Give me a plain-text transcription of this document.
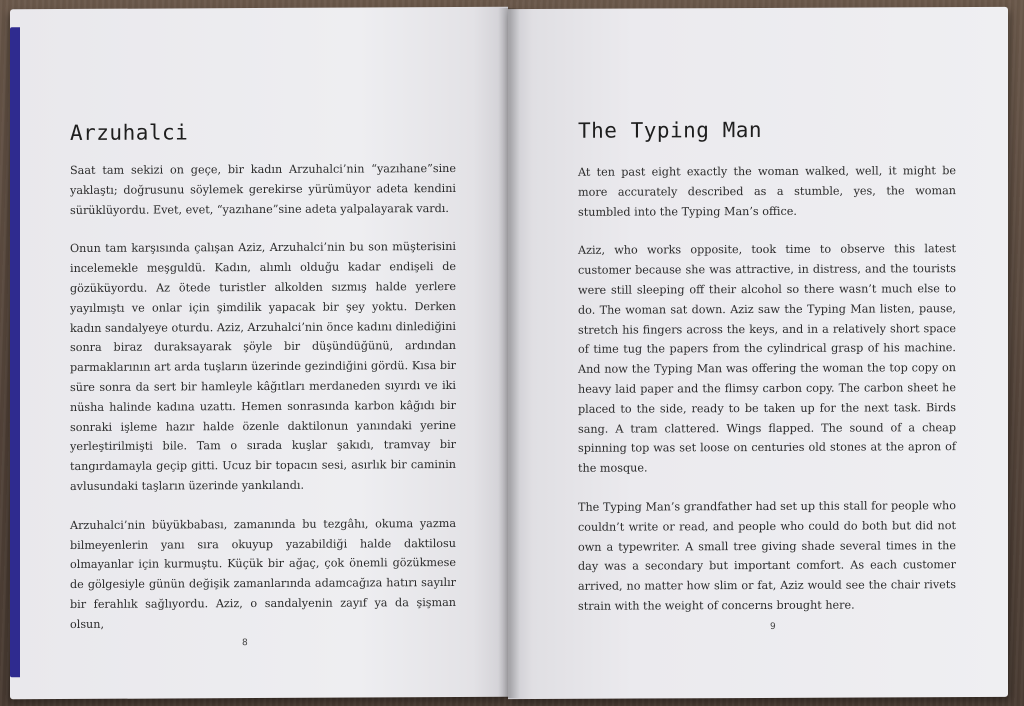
Arzuhalci

Saat tam sekizi on geçe, bir kadın Arzuhalci’nin “yazıhane”sine yaklaştı; doğrusunu söylemek gerekirse yürümüyor adeta kendini sürüklüyordu. Evet, evet, “yazıhane”sine adeta yalpalayarak vardı.

Onun tam karşısında çalışan Aziz, Arzuhalci’nin bu son müşterisini incelemekle meşguldü. Kadın, alımlı olduğu kadar endişeli de gözüküyordu. Az ötede turistler alkolden sızmış halde yerlere yayılmıştı ve onlar için şimdilik yapacak bir şey yoktu. Derken kadın sandalyeye oturdu. Aziz, Arzuhalci’nin önce kadını dinlediğini sonra biraz duraksayarak şöyle bir düşündüğünü, ardından parmaklarının art arda tuşların üzerinde gezindiğini gördü. Kısa bir süre sonra da sert bir hamleyle kâğıtları merdaneden sıyırdı ve iki nüsha halinde kadına uzattı. Hemen sonrasında karbon kâğıdı bir sonraki işleme hazır halde özenle daktilonun yanındaki yerine yerleştirilmişti bile. Tam o sırada kuşlar şakıdı, tramvay bir tangırdamayla geçip gitti. Ucuz bir topacın sesi, asırlık bir caminin avlusundaki taşların üzerinde yankılandı.

Arzuhalci’nin büyükbabası, zamanında bu tezgâhı, okuma yazma bilmeyenlerin yanı sıra okuyup yazabildiği halde daktilosu olmayanlar için kurmuştu. Küçük bir ağaç, çok önemli gözükmese de gölgesiyle günün değişik zamanlarında adamcağıza hatırı sayılır bir ferahlık sağlıyordu. Aziz, o sandalyenin zayıf ya da şişman olsun,

8
The Typing Man

At ten past eight exactly the woman walked, well, it might be more accurately described as a stumble, yes, the woman stumbled into the Typing Man’s office.

Aziz, who works opposite, took time to observe this latest customer because she was attractive, in distress, and the tourists were still sleeping off their alcohol so there wasn’t much else to do. The woman sat down. Aziz saw the Typing Man listen, pause, stretch his fingers across the keys, and in a relatively short space of time tug the papers from the cylindrical grasp of his machine. And now the Typing Man was offering the woman the top copy on heavy laid paper and the flimsy carbon copy. The carbon sheet he placed to the side, ready to be taken up for the next task. Birds sang. A tram clattered. Wings flapped. The sound of a cheap spinning top was set loose on centuries old stones at the apron of the mosque.

The Typing Man’s grandfather had set up this stall for people who couldn’t write or read, and people who could do both but did not own a typewriter. A small tree giving shade several times in the day was a secondary but important comfort. As each customer arrived, no matter how slim or fat, Aziz would see the chair rivets strain with the weight of concerns brought here.

9
